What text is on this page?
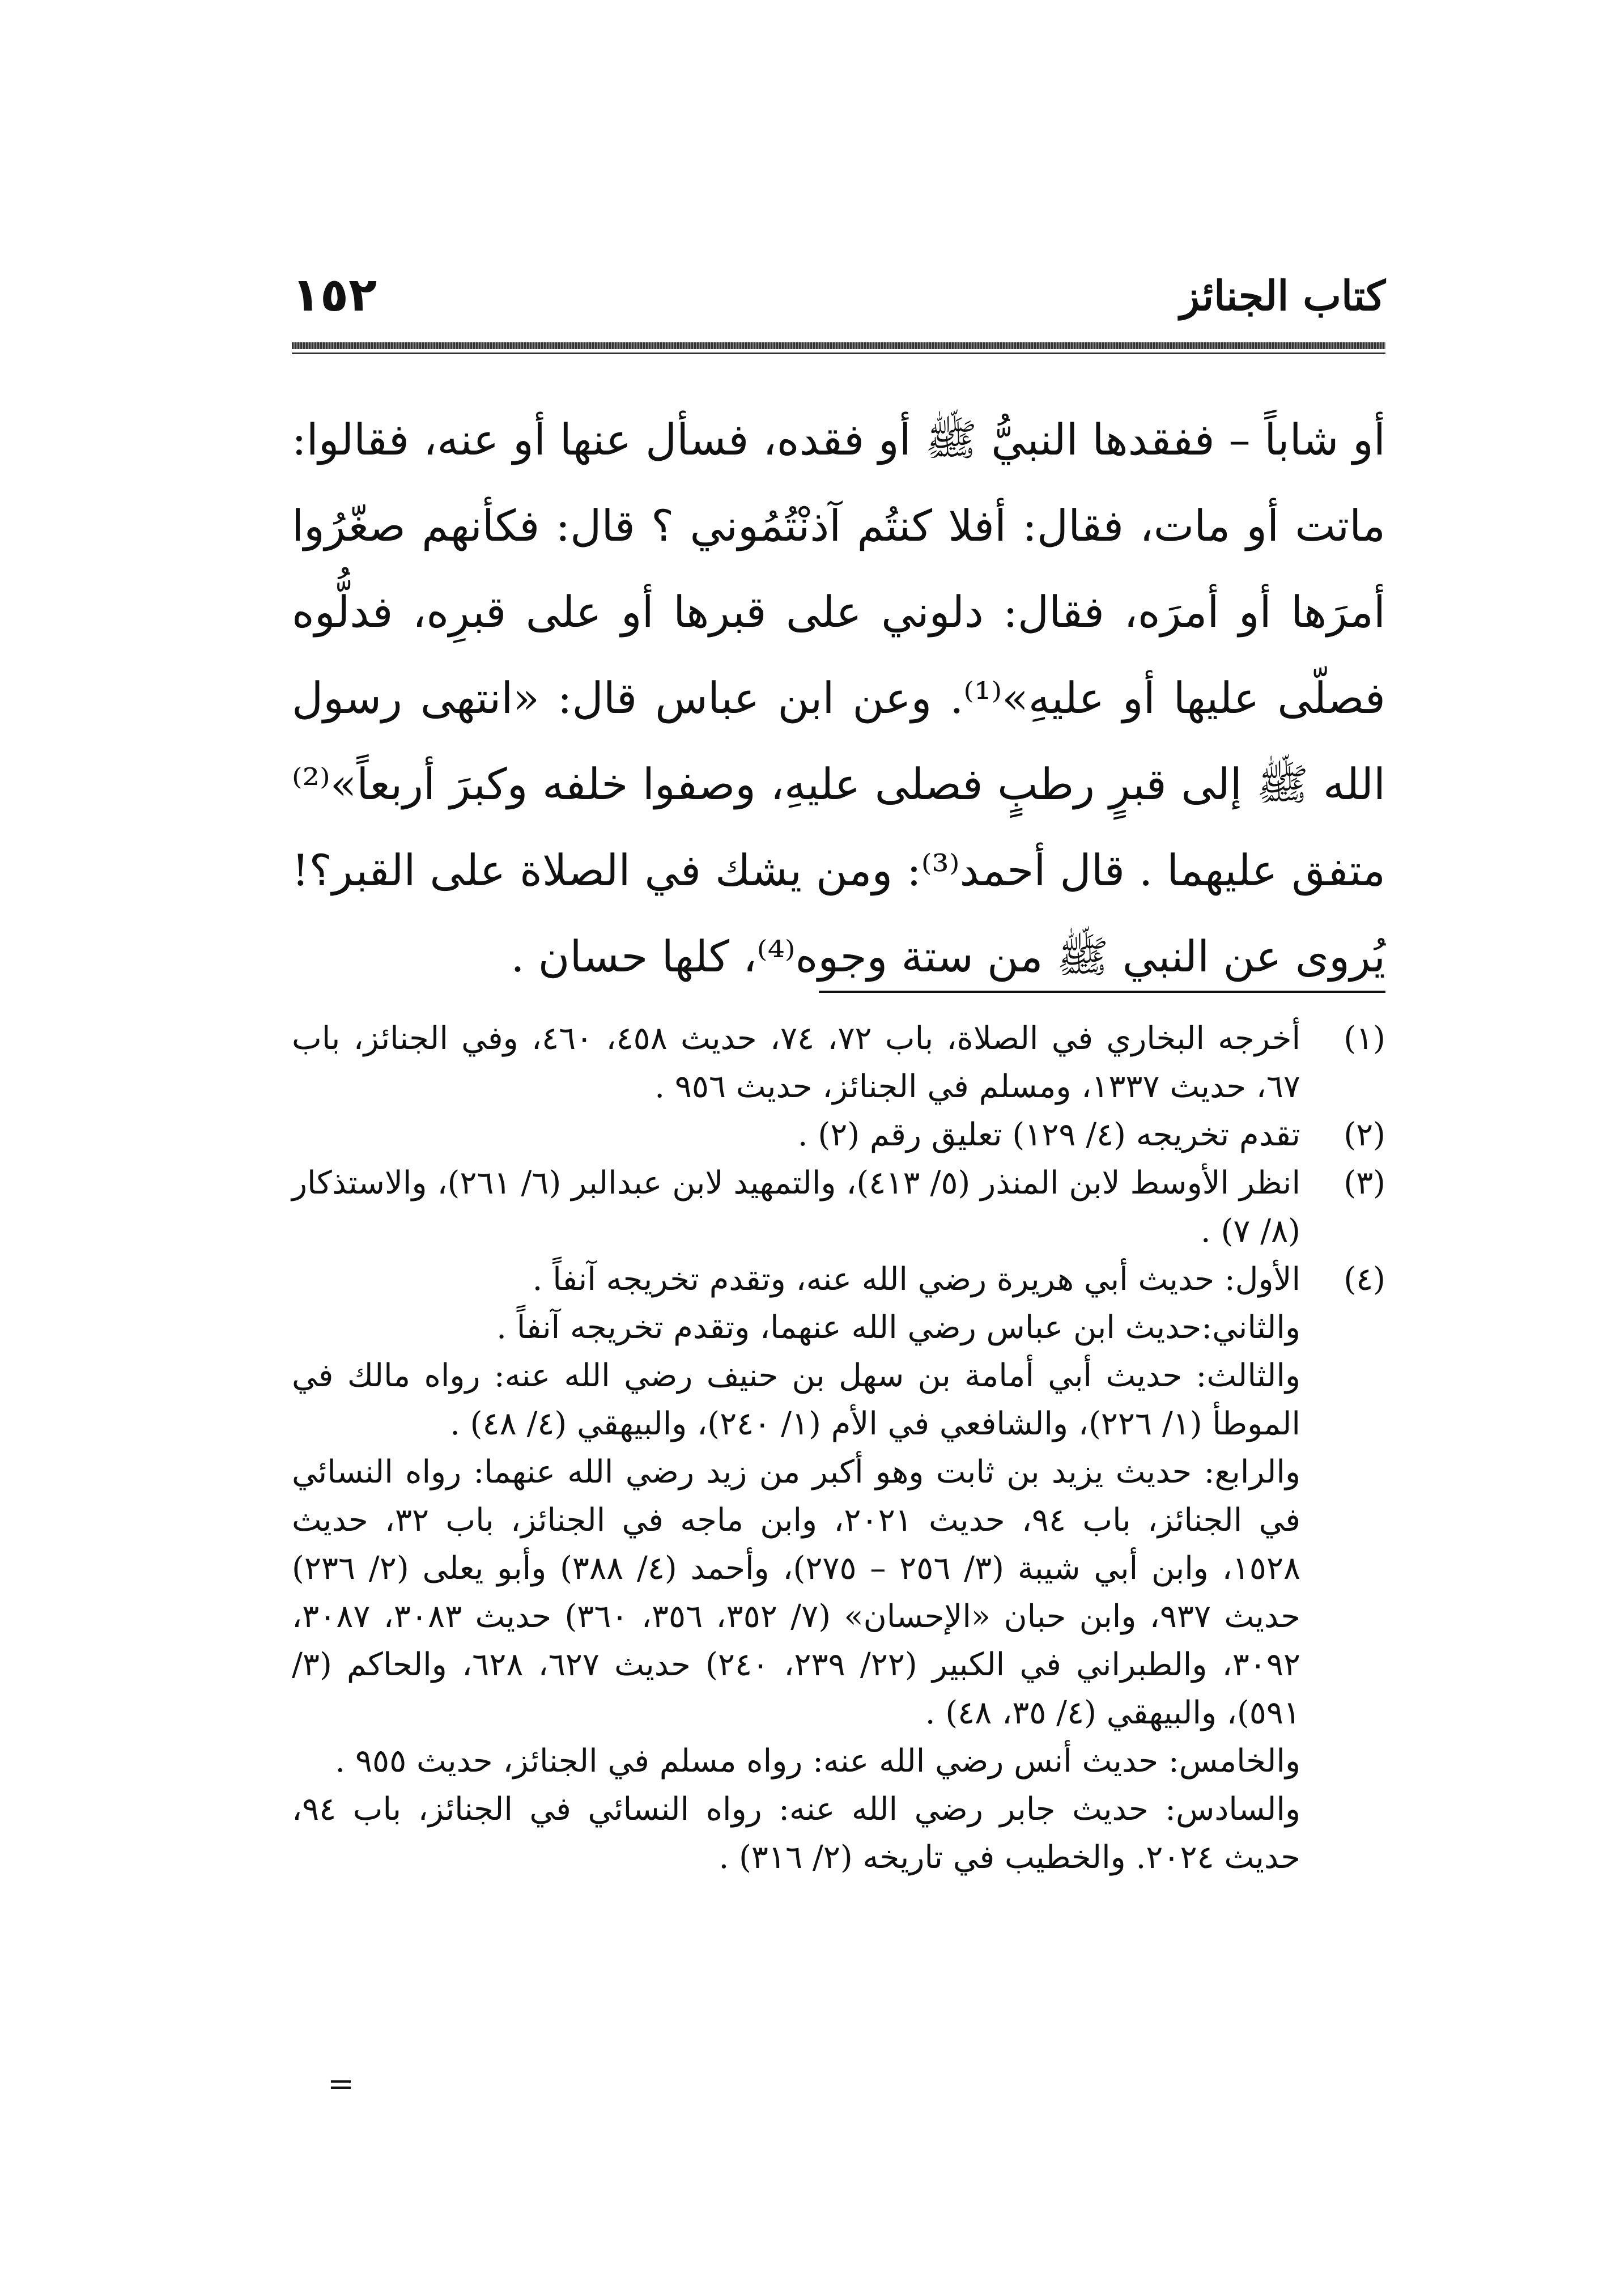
١٥٢	كتاب الجنائز
أو شاباً – ففقدها النبيُّ ﷺ أو فقده، فسأل عنها أو عنه، فقالوا: ماتت أو مات، فقال: أفلا كنتُم آذنْتُمُوني ؟ قال: فكأنهم صغّرُوا أمرَها أو أمرَه، فقال: دلوني على قبرها أو على قبرِه، فدلُّوه فصلّى عليها أو عليهِ»⁽¹⁾. وعن ابن عباس قال: «انتهى رسول الله ﷺ إلى قبرٍ رطبٍ فصلى عليهِ، وصفوا خلفه وكبرَ أربعاً»⁽²⁾ متفق عليهما . قال أحمد⁽³⁾: ومن يشك في الصلاة على القبر؟! يُروى عن النبي ﷺ من ستة وجوه⁽⁴⁾، كلها حسان .
(١)
أخرجه البخاري في الصلاة، باب ٧٢، ٧٤، حديث ٤٥٨، ٤٦٠، وفي الجنائز، باب ٦٧، حديث ١٣٣٧، ومسلم في الجنائز، حديث ٩٥٦ .
(٢)
تقدم تخريجه (٤/ ١٢٩) تعليق رقم (٢) .
(٣)
انظر الأوسط لابن المنذر (٥/ ٤١٣)، والتمهيد لابن عبدالبر (٦/ ٢٦١)، والاستذكار (٨/ ٧) .
(٤)
الأول: حديث أبي هريرة رضي الله عنه، وتقدم تخريجه آنفاً .
والثاني:حديث ابن عباس رضي الله عنهما، وتقدم تخريجه آنفاً .
والثالث: حديث أبي أمامة بن سهل بن حنيف رضي الله عنه: رواه مالك في الموطأ (١/ ٢٢٦)، والشافعي في الأم (١/ ٢٤٠)، والبيهقي (٤/ ٤٨) .
والرابع: حديث يزيد بن ثابت وهو أكبر من زيد رضي الله عنهما: رواه النسائي في الجنائز، باب ٩٤، حديث ٢٠٢١، وابن ماجه في الجنائز، باب ٣٢، حديث ١٥٢٨، وابن أبي شيبة (٣/ ٢٥٦ – ٢٧٥)، وأحمد (٤/ ٣٨٨) وأبو يعلى (٢/ ٢٣٦) حديث ٩٣٧، وابن حبان «الإحسان» (٧/ ٣٥٢، ٣٥٦، ٣٦٠) حديث ٣٠٨٣، ٣٠٨٧، ٣٠٩٢، والطبراني في الكبير (٢٢/ ٢٣٩، ٢٤٠) حديث ٦٢٧، ٦٢٨، والحاكم (٣/ ٥٩١)، والبيهقي (٤/ ٣٥، ٤٨) .
والخامس: حديث أنس رضي الله عنه: رواه مسلم في الجنائز، حديث ٩٥٥ .
والسادس: حديث جابر رضي الله عنه: رواه النسائي في الجنائز، باب ٩٤، حديث ٢٠٢٤. والخطيب في تاريخه (٢/ ٣١٦) .
=
